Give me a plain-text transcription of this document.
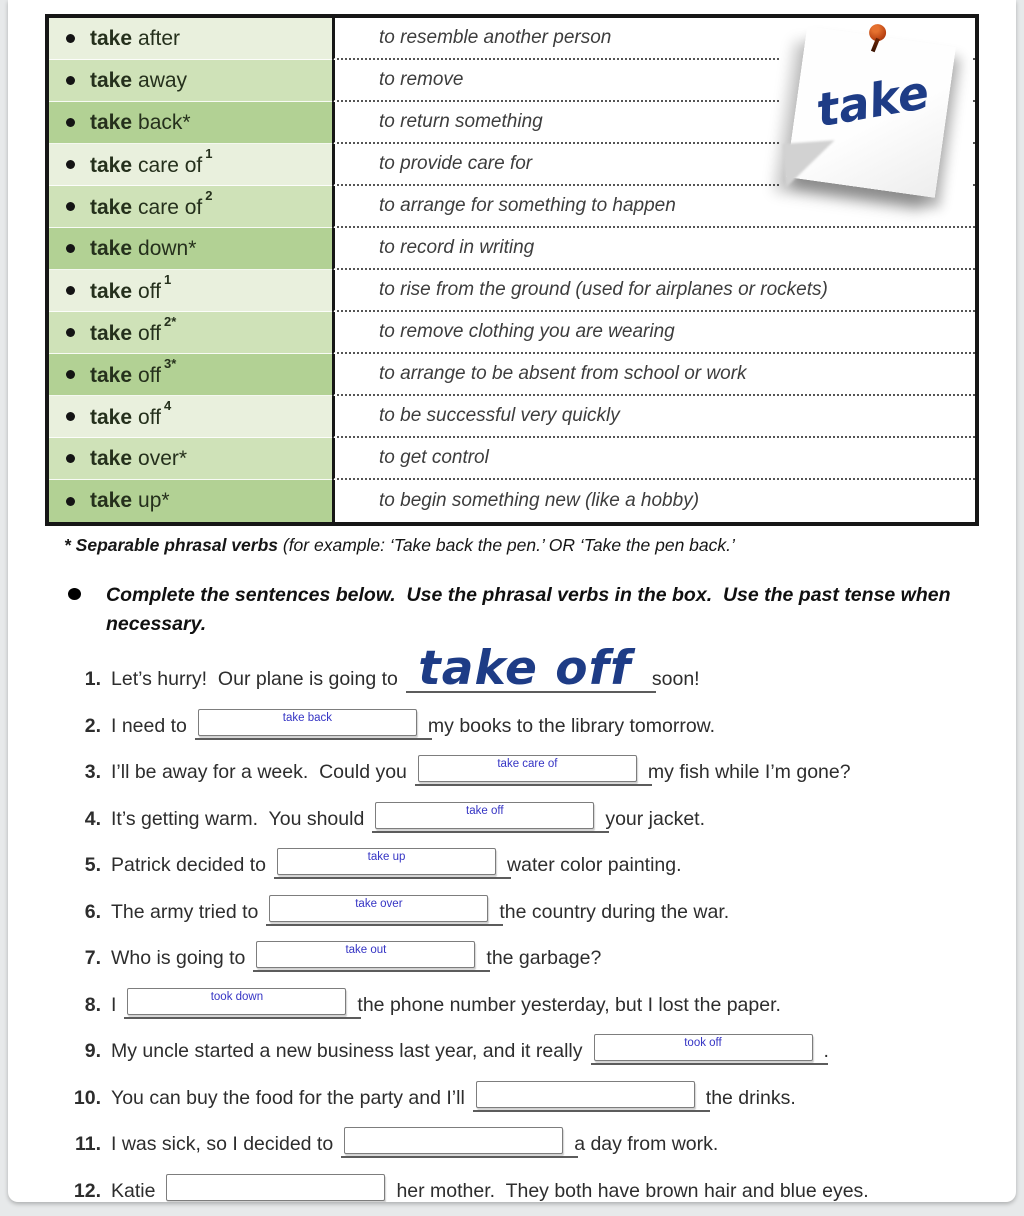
take after	to resemble another person
take away	to remove
take back*	to return something
take care $of^1$	to provide care for
take care $of^2$	to arrange for something to happen
take down*	to record in writing
take off$^1$	to rise from the ground (used for airplanes or rockets)
take off$^{2*}$	to remove clothing you are wearing
take off$^{3*}$	to arrange to be absent from school or work
take off$^4$	to be successful very quickly
take over*	to get control
take up*	to begin something new (like a hobby)
take
* Separable phrasal verbs (for example: ‘Take back the pen.’ OR ‘Take the pen back.’
Complete the sentences below.  Use the phrasal verbs in the box.  Use the past tense when necessary.
1. Let’s hurry!  Our plane is going to take off	soon!
2. I need to	take back	my books to the library tomorrow.
3. I’ll be away for a week.  Could you	take care of	my fish while I’m gone?
4. It’s getting warm.  You should	take off	your jacket.
5. Patrick decided to	take up	water color painting.
6. The army tried to	take over	the country during the war.
7. Who is going to	take out	the garbage?
8. I	took down	the phone number yesterday, but I lost the paper.
9. My uncle started a new business last year, and it really	took off	.
10. You can buy the food for the party and I’ll	the drinks.
11. I was sick, so I decided to	a day from work.
12. Katie	her mother.  They both have brown hair and blue eyes.
